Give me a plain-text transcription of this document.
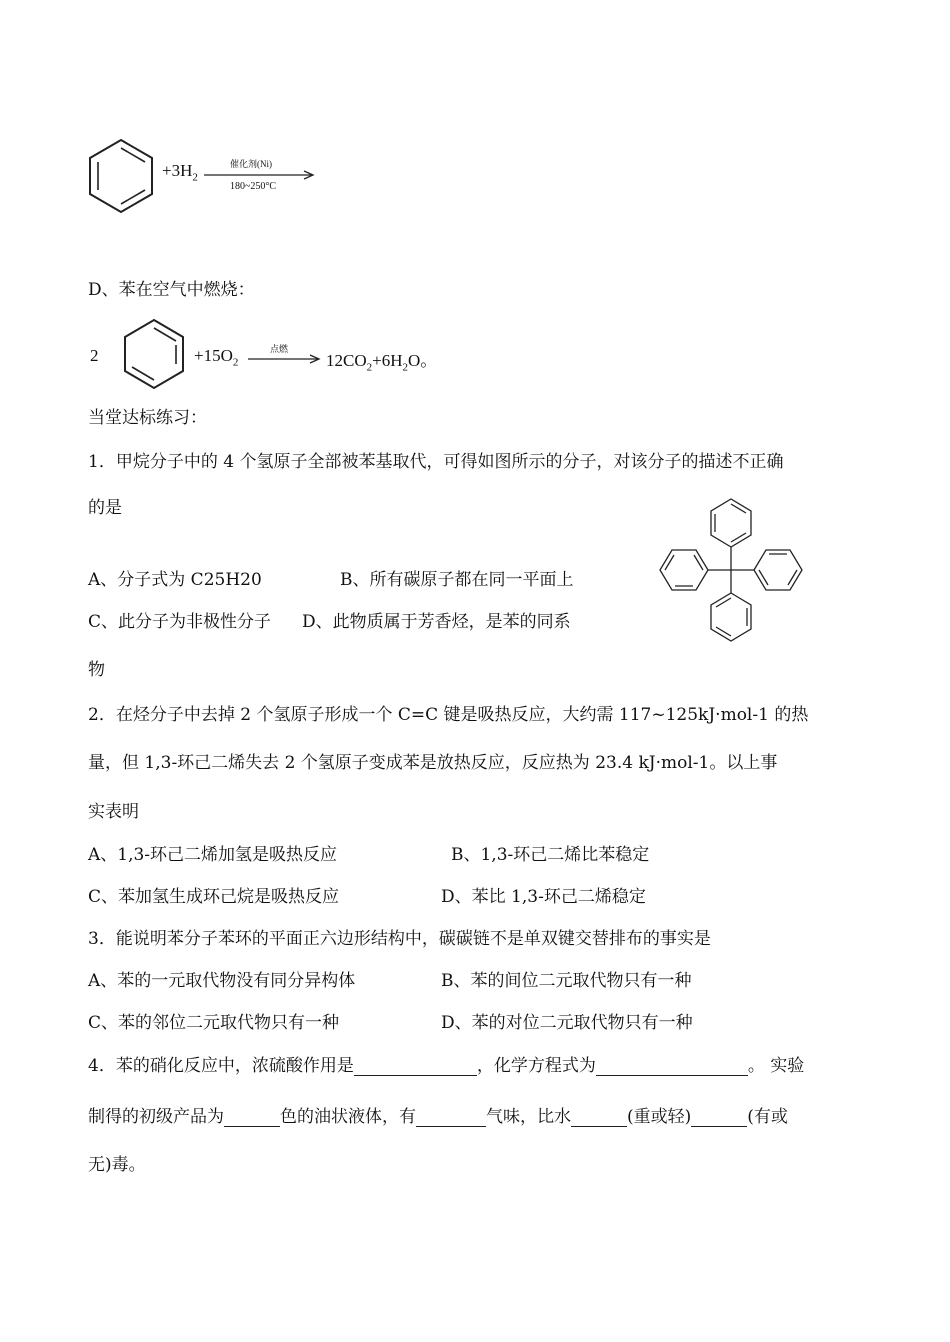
$+3H_2$
催化剂(Ni)
180~250°C
D、苯在空气中燃烧：
2	$+15O_2$
点燃
$12CO_2+6H_2O$。
当堂达标练习：
1．甲烷分子中的 4 个氢原子全部被苯基取代，可得如图所示的分子，对该分子的描述不正确
的是
A、分子式为 C25H20	B、所有碳原子都在同一平面上
C、此分子为非极性分子 D、此物质属于芳香烃，是苯的同系
物
2．在烃分子中去掉 2 个氢原子形成一个 C=C 键是吸热反应，大约需 117~125kJ·mol-1 的热
量，但 1,3-环己二烯失去 2 个氢原子变成苯是放热反应，反应热为 23.4 kJ·mol-1。以上事
实表明
A、1,3-环己二烯加氢是吸热反应	B、1,3-环己二烯比苯稳定
C、苯加氢生成环己烷是吸热反应	D、苯比 1,3-环己二烯稳定
3．能说明苯分子苯环的平面正六边形结构中，碳碳链不是单双键交替排布的事实是
A、苯的一元取代物没有同分异构体	B、苯的间位二元取代物只有一种
C、苯的邻位二元取代物只有一种	D、苯的对位二元取代物只有一种
4．苯的硝化反应中，浓硫酸作用是	，化学方程式为	。 实验
制得的初级产品为	色的油状液体，有	气味，比水	(重或轻)	(有或
无)毒。
